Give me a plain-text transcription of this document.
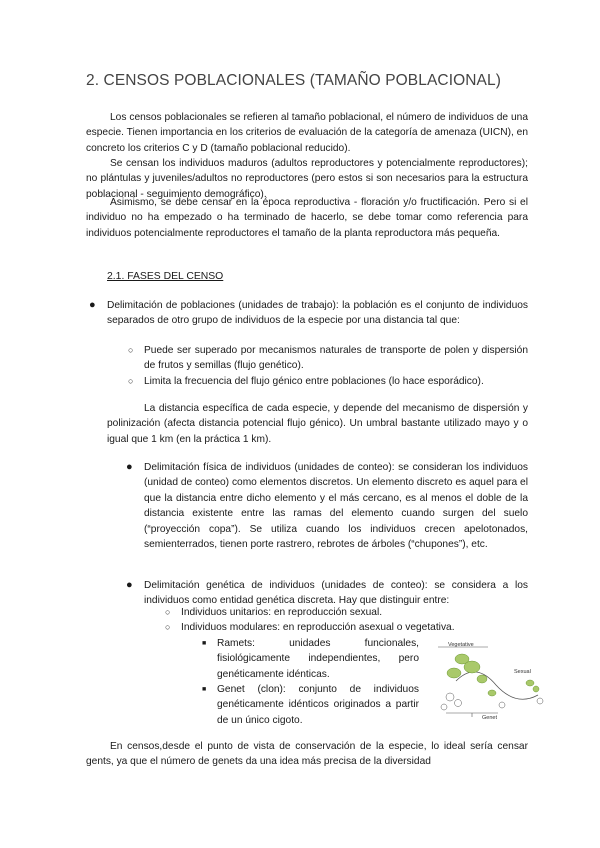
2. CENSOS POBLACIONALES (TAMAÑO POBLACIONAL)

Los censos poblacionales se refieren al tamaño poblacional, el número de individuos de una especie. Tienen importancia en los criterios de evaluación de la categoría de amenaza (UICN), en concreto los criterios C y D (tamaño poblacional reducido).

Se censan los individuos maduros (adultos reproductores y potencialmente reproductores); no plántulas y juveniles/adultos no reproductores (pero estos si son necesarios para la estructura poblacional - seguimiento demográfico).

Asimismo, se debe censar en la época reproductiva - floración y/o fructificación. Pero si el individuo no ha empezado o ha terminado de hacerlo, se debe tomar como referencia para individuos potencialmente reproductores el tamaño de la planta reproductora más pequeña.

2.1. FASES DEL CENSO
● Delimitación de poblaciones (unidades de trabajo): la población es el conjunto de individuos separados de otro grupo de individuos de la especie por una distancia tal que:

○ Puede ser superado por mecanismos naturales de transporte de polen y dispersión de frutos y semillas (flujo genético).

○ Limita la frecuencia del flujo génico entre poblaciones (lo hace esporádico).

La distancia específica de cada especie, y depende del mecanismo de dispersión y polinización (afecta distancia potencial flujo génico). Un umbral bastante utilizado mayo y o igual que 1 km (en la práctica 1 km).

● Delimitación física de individuos (unidades de conteo): se consideran los individuos (unidad de conteo) como elementos discretos. Un elemento discreto es aquel para el que la distancia entre dicho elemento y el más cercano, es al menos el doble de la distancia existente entre las ramas del elemento cuando surgen del suelo (“proyección copa”). Se utiliza cuando los individuos crecen apelotonados, semienterrados, tienen porte rastrero, rebrotes de árboles (“chupones”), etc.

● Delimitación genética de individuos (unidades de conteo): se considera a los individuos como entidad genética discreta. Hay que distinguir entre:

○ Individuos unitarios: en reproducción sexual.

○ Individuos modulares: en reproducción asexual o vegetativa.

■ Ramets: unidades funcionales, fisiológicamente independientes, pero genéticamente idénticas.

■ Genet (clon): conjunto de individuos genéticamente idénticos originados a partir de un único cigoto.

Vegetative
Sexual
Genet

En censos,desde el punto de vista de conservación de la especie, lo ideal sería censar gents, ya que el número de genets da una idea más precisa de la diversidad
